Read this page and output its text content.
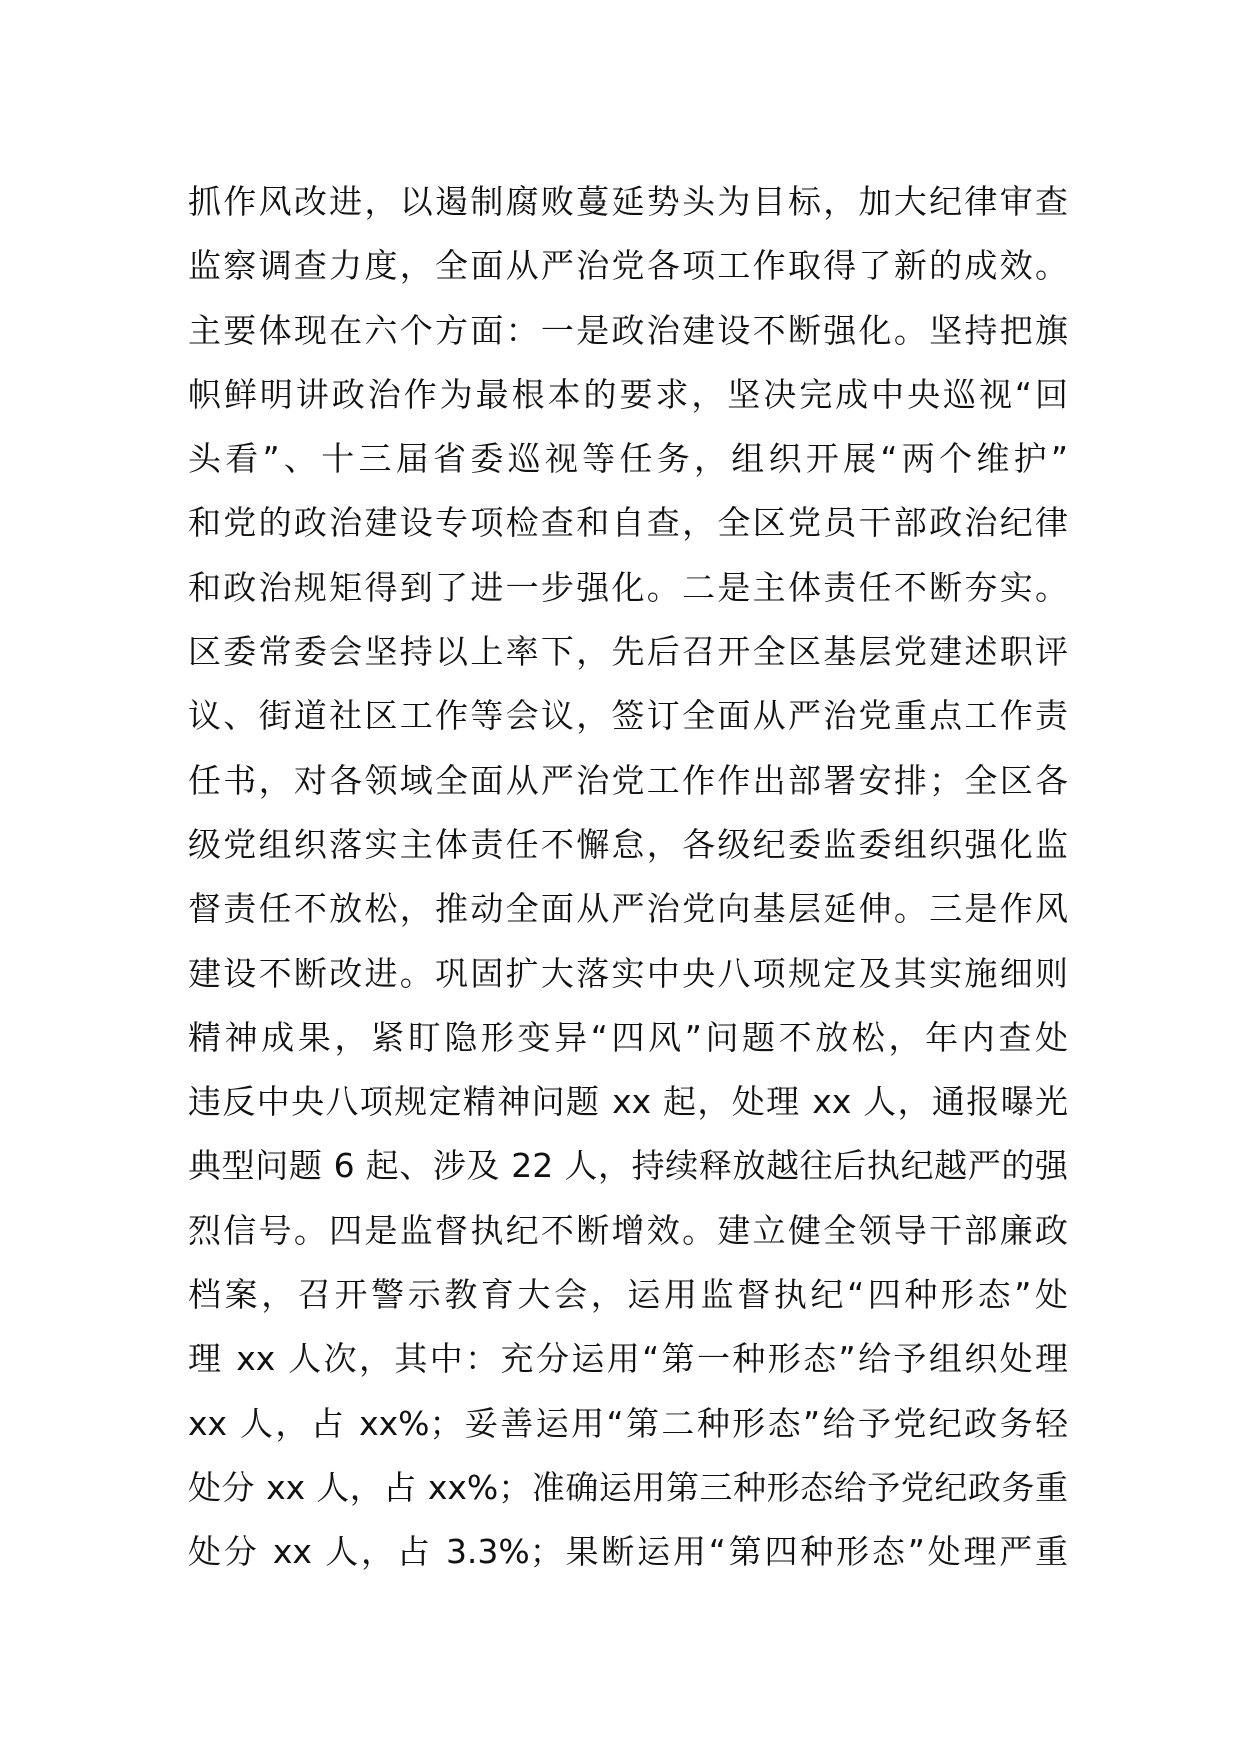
抓作风改进，以遏制腐败蔓延势头为目标，加大纪律审查
监察调查力度，全面从严治党各项工作取得了新的成效。
主要体现在六个方面：一是政治建设不断强化。坚持把旗
帜鲜明讲政治作为最根本的要求，坚决完成中央巡视“回
头看”、十三届省委巡视等任务，组织开展“两个维护”
和党的政治建设专项检查和自查，全区党员干部政治纪律
和政治规矩得到了进一步强化。二是主体责任不断夯实。
区委常委会坚持以上率下，先后召开全区基层党建述职评
议、街道社区工作等会议，签订全面从严治党重点工作责
任书，对各领域全面从严治党工作作出部署安排；全区各
级党组织落实主体责任不懈怠，各级纪委监委组织强化监
督责任不放松，推动全面从严治党向基层延伸。三是作风
建设不断改进。巩固扩大落实中央八项规定及其实施细则
精神成果，紧盯隐形变异“四风”问题不放松，年内查处
违反中央八项规定精神问题 xx 起，处理 xx 人，通报曝光
典型问题 6 起、涉及 22 人，持续释放越往后执纪越严的强
烈信号。四是监督执纪不断增效。建立健全领导干部廉政
档案，召开警示教育大会，运用监督执纪“四种形态”处
理 xx 人次，其中：充分运用“第一种形态”给予组织处理
xx 人，占 xx%；妥善运用“第二种形态”给予党纪政务轻
处分 xx 人，占 xx%；准确运用第三种形态给予党纪政务重
处分 xx 人，占 3.3%；果断运用“第四种形态”处理严重
